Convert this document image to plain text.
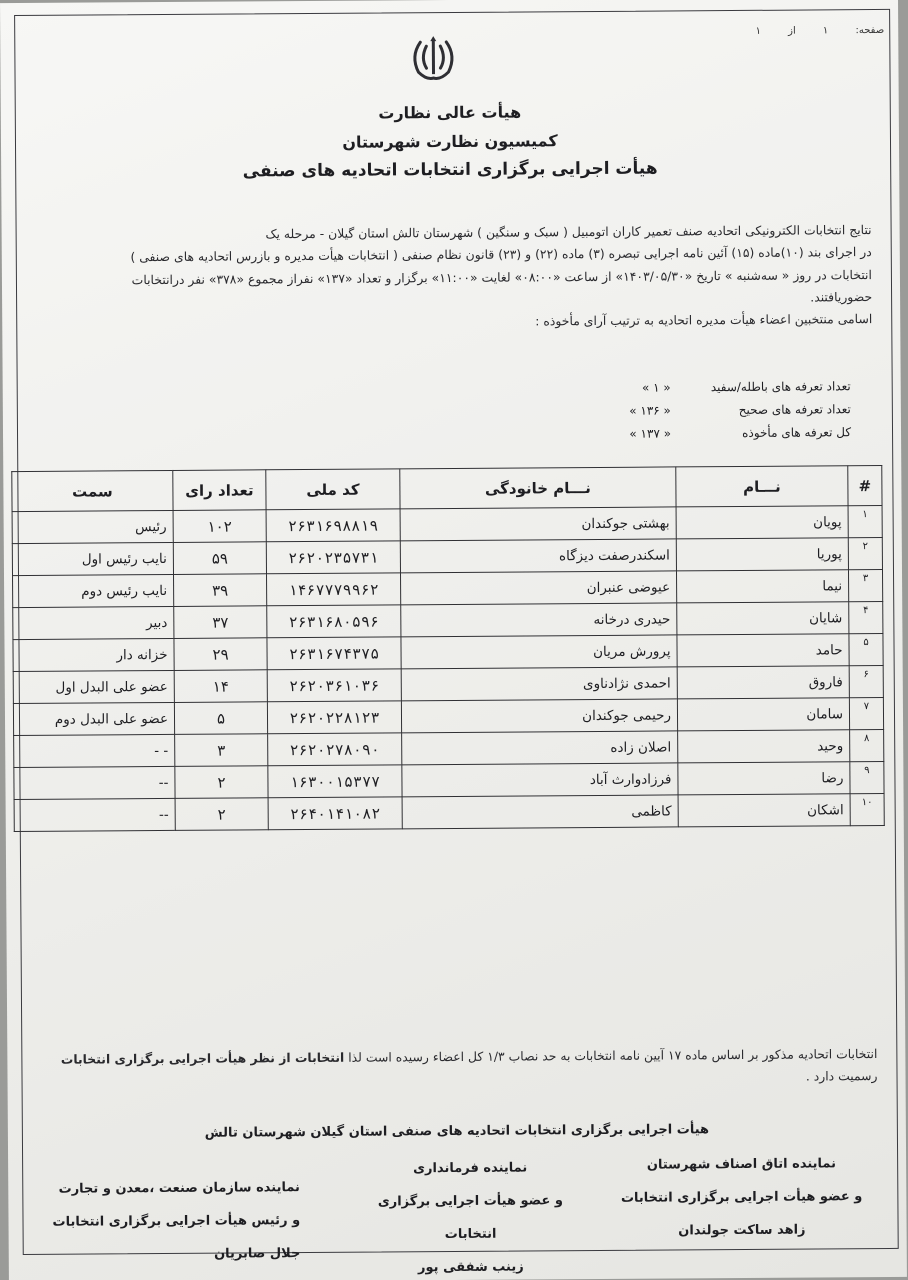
صفحه: ۱ از ۱
هیأت عالی نظارت
کمیسیون نظارت شهرستان
هیأت اجرایی برگزاری انتخابات اتحادیه های صنفی
نتایج انتخابات الکترونیکی اتحادیه صنف تعمیر کاران اتومبیل ( سبک و سنگین ) شهرستان تالش استان گیلان - مرحله یک
در اجرای بند (۱۰)ماده (۱۵) آئین نامه اجرایی تبصره (۳) ماده (۲۲) و (۲۳) قانون نظام صنفی ( انتخابات هیأت مدیره و بازرس اتحادیه های صنفی )
انتخابات در روز « سه‌شنبه » تاریخ «۱۴۰۳/۰۵/۳۰» از ساعت «۰۸:۰۰» لغایت «۱۱:۰۰» برگزار و تعداد «۱۳۷» نفراز مجموع «۳۷۸» نفر درانتخابات
حضوریافتند.
اسامی منتخبین اعضاء هیأت مدیره اتحادیه به ترتیب آرای مأخوذه :
تعداد تعرفه های باطله/سفید
« ۱ »
تعداد تعرفه های صحیح
« ۱۳۶ »
کل تعرفه های مأخوذه
« ۱۳۷ »
#	نـــام	نـــام خانودگی	کد ملی	تعداد رای	سمت
۱	پویان	بهشتی جوکندان	۲۶۳۱۶۹۸۸۱۹	۱۰۲	رئیس
۲	پوریا	اسکندرصفت دیزگاه	۲۶۲۰۲۳۵۷۳۱	۵۹	نایب رئیس اول
۳	نیما	عیوضی عنبران	۱۴۶۷۷۷۹۹۶۲	۳۹	نایب رئیس دوم
۴	شایان	حیدری درخانه	۲۶۳۱۶۸۰۵۹۶	۳۷	دبیر
۵	حامد	پرورش مریان	۲۶۳۱۶۷۴۳۷۵	۲۹	خزانه دار
۶	فاروق	احمدی نژادناوی	۲۶۲۰۳۶۱۰۳۶	۱۴	عضو علی البدل اول
۷	سامان	رحیمی جوکندان	۲۶۲۰۲۲۸۱۲۳	۵	عضو علی البدل دوم
۸	وحید	اصلان زاده	۲۶۲۰۲۷۸۰۹۰	۳	- -
۹	رضا	فرزادوارث آباد	۱۶۳۰۰۱۵۳۷۷	۲	--
۱۰	اشکان	کاظمی	۲۶۴۰۱۴۱۰۸۲	۲	--
انتخابات اتحادیه مذکور بر اساس ماده ۱۷ آیین نامه انتخابات به حد نصاب ۱/۳ کل اعضاء رسیده است لذا انتخابات از نظر هیأت اجرایی برگزاری انتخابات
رسمیت دارد .
هیأت اجرایی برگزاری انتخابات اتحادیه های صنفی استان گیلان شهرستان تالش
نماینده اتاق اصناف شهرستان
و عضو هیأت اجرایی برگزاری انتخابات
زاهد ساکت جولندان
نماینده فرمانداری
و عضو هیأت اجرایی برگزاری انتخابات
زینب شفقی پور
نماینده سازمان صنعت ،معدن و تجارت
و رئیس هیأت اجرایی برگزاری انتخابات
جلال صابریان
